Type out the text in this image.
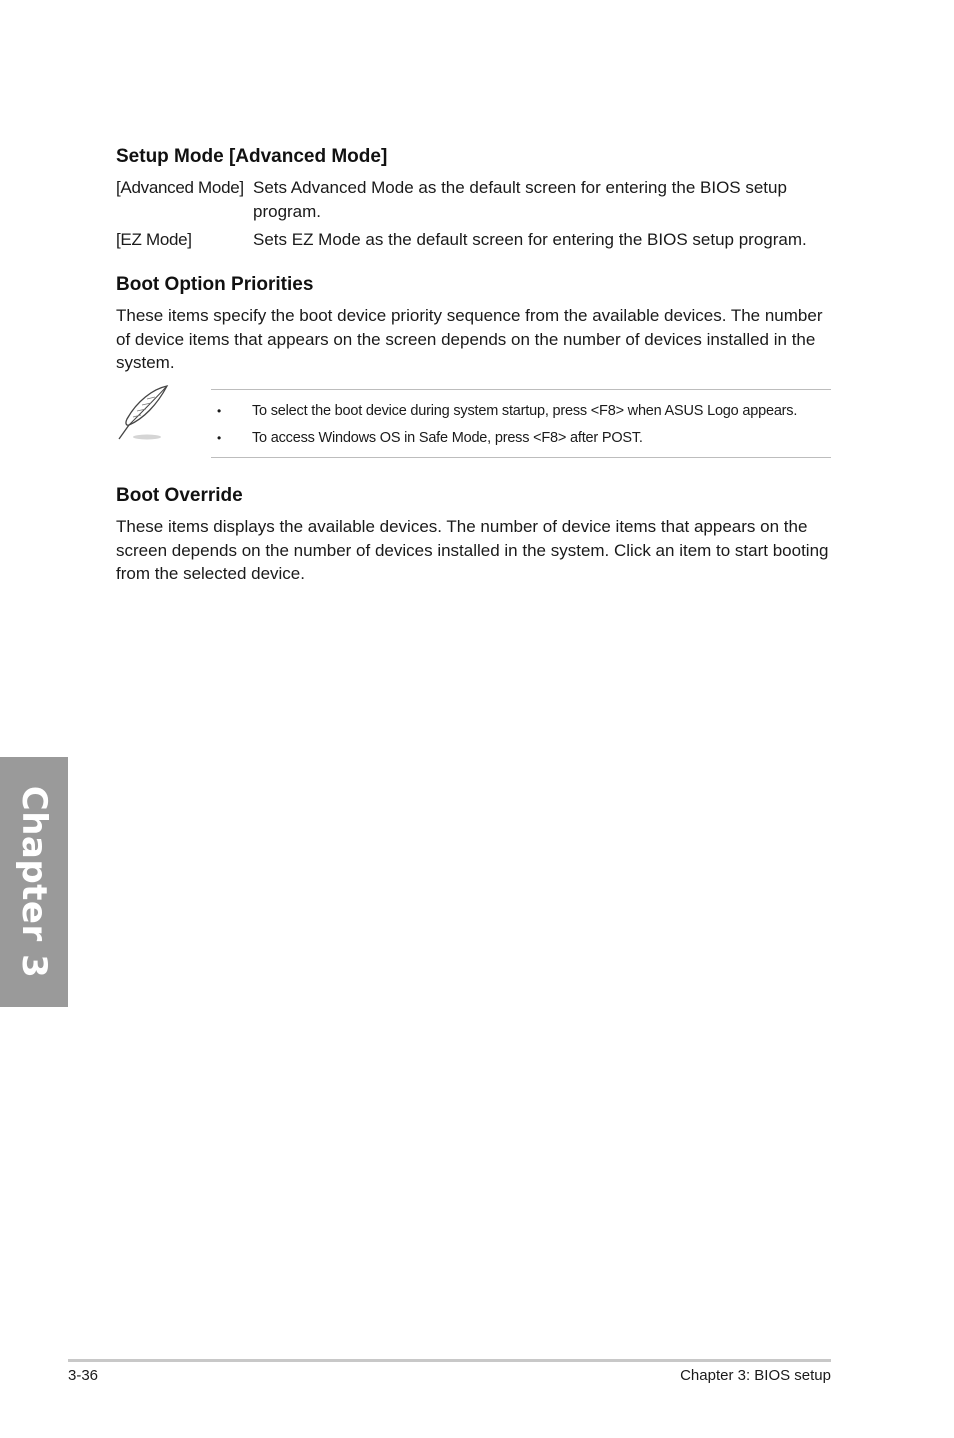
Setup Mode [Advanced Mode]
[Advanced Mode] Sets Advanced Mode as the default screen for entering the BIOS setup program.
[EZ Mode]	Sets EZ Mode as the default screen for entering the BIOS setup program.
Boot Option Priorities

These items specify the boot device priority sequence from the available devices. The number of device items that appears on the screen depends on the number of devices installed in the system.

• To select the boot device during system startup, press <F8> when ASUS Logo appears.
• To access Windows OS in Safe Mode, press <F8> after POST.
Boot Override

These items displays the available devices. The number of device items that appears on the screen depends on the number of devices installed in the system. Click an item to start booting from the selected device.

Chapter 3
3-36	Chapter 3: BIOS setup
